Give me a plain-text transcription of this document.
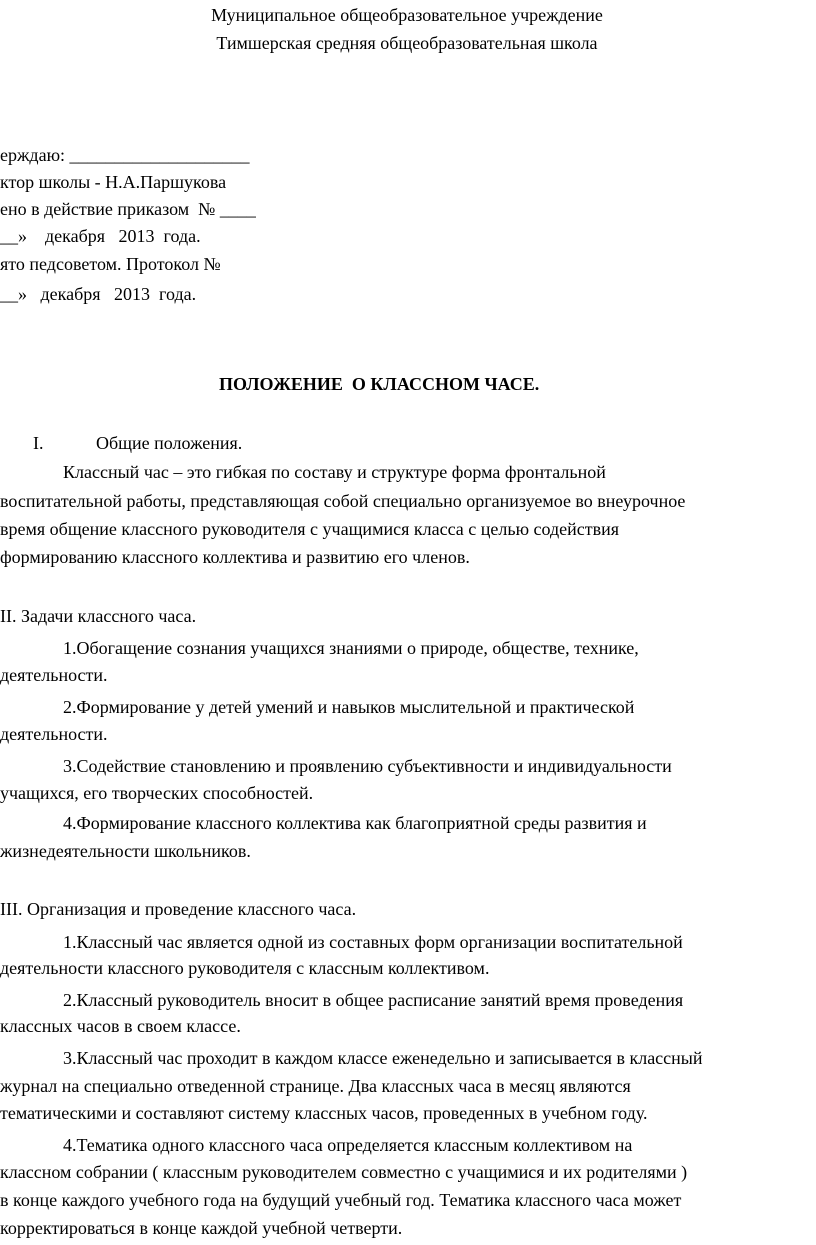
Муниципальное общеобразовательное учреждение
Тимшерская средняя общеобразовательная школа
ерждаю: ____________________
ктор школы - Н.А.Паршукова
ено в действие приказом  № ____
__»    декабря   2013  года.
ято педсоветом. Протокол №
__»   декабря   2013  года.
ПОЛОЖЕНИЕ  О КЛАССНОМ ЧАСЕ.
I.	Общие положения.
Классный час – это гибкая по составу и структуре форма фронтальной
воспитательной работы, представляющая собой специально организуемое во внеурочное
время общение классного руководителя с учащимися класса с целью содействия
формированию классного коллектива и развитию его членов.
II. Задачи классного часа.
1.Обогащение сознания учащихся знаниями о природе, обществе, технике,
деятельности.
2.Формирование у детей умений и навыков мыслительной и практической
деятельности.
3.Содействие становлению и проявлению субъективности и индивидуальности
учащихся, его творческих способностей.
4.Формирование классного коллектива как благоприятной среды развития и
жизнедеятельности школьников.
III. Организация и проведение классного часа.
1.Классный час является одной из составных форм организации воспитательной
деятельности классного руководителя с классным коллективом.
2.Классный руководитель вносит в общее расписание занятий время проведения
классных часов в своем классе.
3.Классный час проходит в каждом классе еженедельно и записывается в классный
журнал на специально отведенной странице. Два классных часа в месяц являются
тематическими и составляют систему классных часов, проведенных в учебном году.
4.Тематика одного классного часа определяется классным коллективом на
классном собрании ( классным руководителем совместно с учащимися и их родителями )
в конце каждого учебного года на будущий учебный год. Тематика классного часа может
корректироваться в конце каждой учебной четверти.
